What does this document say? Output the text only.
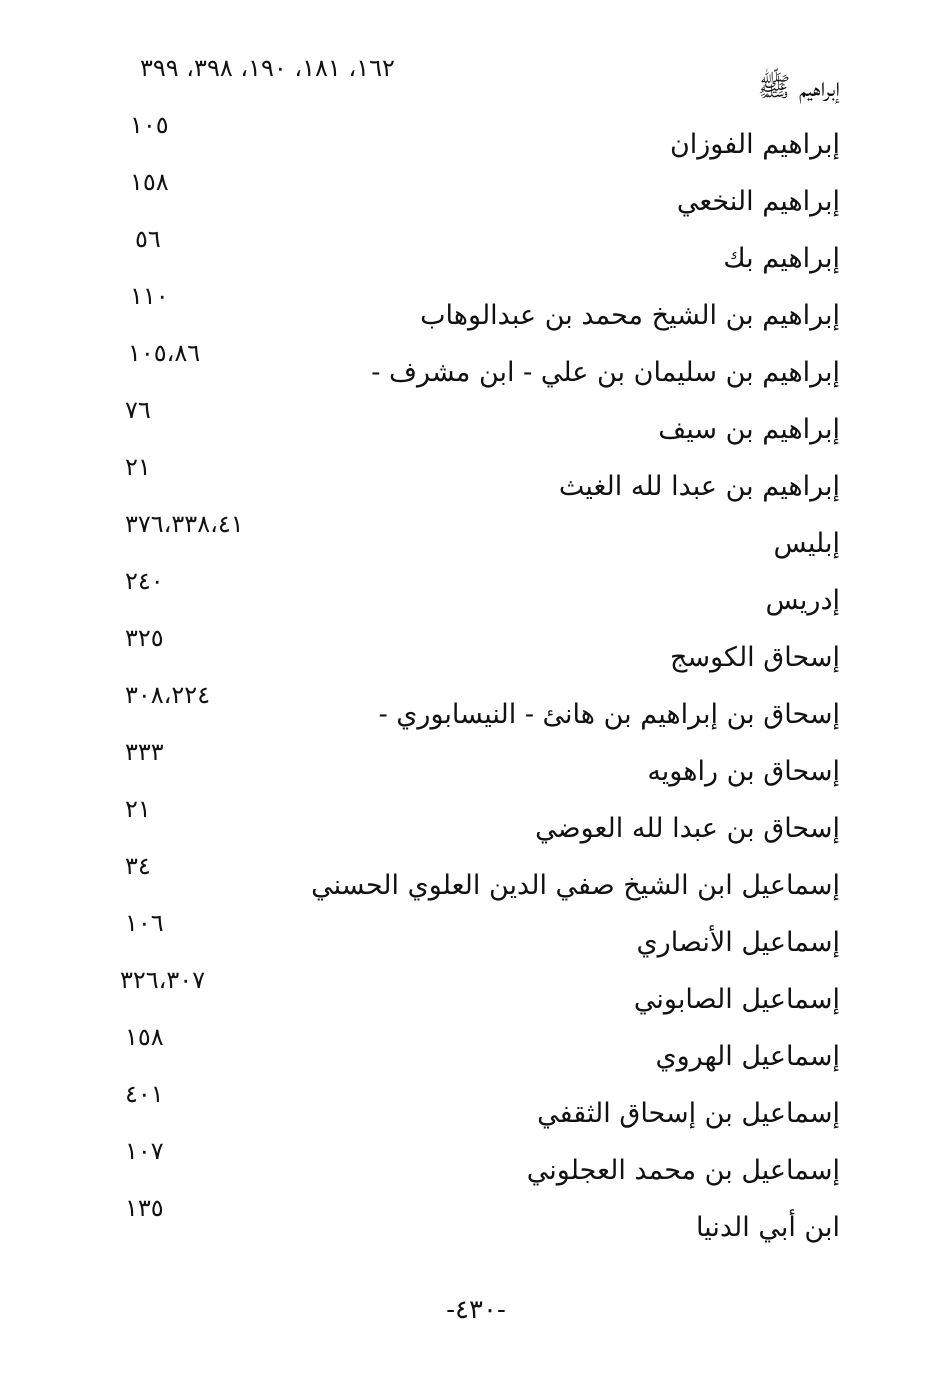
إبراهيم ﷺ
١٦٢، ١٨١، ١٩٠، ٣٩٨، ٣٩٩
إبراهيم الفوزان
١٠٥
إبراهيم النخعي
١٥٨
إبراهيم بك
٥٦
إبراهيم بن الشيخ محمد بن عبدالوهاب
١١٠
إبراهيم بن سليمان بن علي - ابن مشرف -
١٠٥،٨٦
إبراهيم بن سيف
٧٦
إبراهيم بن عبدا لله الغيث
٢١
إبليس
٣٧٦،٣٣٨،٤١
إدريس
٢٤٠
إسحاق الكوسج
٣٢٥
إسحاق بن إبراهيم بن هانئ - النيسابوري -
٣٠٨،٢٢٤
إسحاق بن راهويه
٣٣٣
إسحاق بن عبدا لله العوضي
٢١
إسماعيل ابن الشيخ صفي الدين العلوي الحسني
٣٤
إسماعيل الأنصاري
١٠٦
إسماعيل الصابوني
٣٢٦،٣٠٧
إسماعيل الهروي
١٥٨
إسماعيل بن إسحاق الثقفي
٤٠١
إسماعيل بن محمد العجلوني
١٠٧
ابن أبي الدنيا
١٣٥
-٤٣٠-
